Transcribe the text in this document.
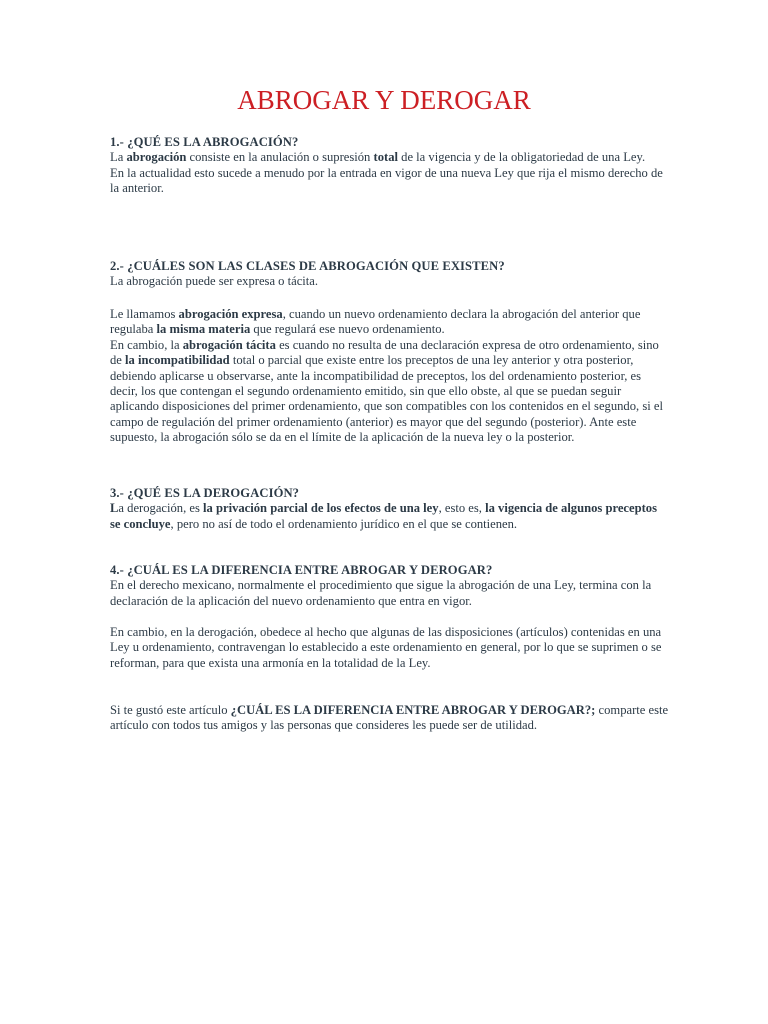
ABROGAR Y DEROGAR

1.- ¿QUÉ ES LA ABROGACIÓN?

La abrogación consiste en la anulación o supresión total de la vigencia y de la obligatoriedad de una Ley.

En la actualidad esto sucede a menudo por la entrada en vigor de una nueva Ley que rija el mismo derecho de la anterior.

2.- ¿CUÁLES SON LAS CLASES DE ABROGACIÓN QUE EXISTEN?

La abrogación puede ser expresa o tácita.

Le llamamos abrogación expresa, cuando un nuevo ordenamiento declara la abrogación del anterior que regulaba la misma materia que regulará ese nuevo ordenamiento.

En cambio, la abrogación tácita es cuando no resulta de una declaración expresa de otro ordenamiento, sino de la incompatibilidad total o parcial que existe entre los preceptos de una ley anterior y otra posterior, debiendo aplicarse u observarse, ante la incompatibilidad de preceptos, los del ordenamiento posterior, es decir, los que contengan el segundo ordenamiento emitido, sin que ello obste, al que se puedan seguir aplicando disposiciones del primer ordenamiento, que son compatibles con los contenidos en el segundo, si el campo de regulación del primer ordenamiento (anterior) es mayor que del segundo (posterior). Ante este supuesto, la abrogación sólo se da en el límite de la aplicación de la nueva ley o la posterior.

3.- ¿QUÉ ES LA DEROGACIÓN?

La derogación, es la privación parcial de los efectos de una ley, esto es, la vigencia de algunos preceptos se concluye, pero no así de todo el ordenamiento jurídico en el que se contienen.

4.- ¿CUÁL ES LA DIFERENCIA ENTRE ABROGAR Y DEROGAR?

En el derecho mexicano, normalmente el procedimiento que sigue la abrogación de una Ley, termina con la declaración de la aplicación del nuevo ordenamiento que entra en vigor.

En cambio, en la derogación, obedece al hecho que algunas de las disposiciones (artículos) contenidas en una Ley u ordenamiento, contravengan lo establecido a este ordenamiento en general, por lo que se suprimen o se reforman, para que exista una armonía en la totalidad de la Ley.

Si te gustó este artículo ¿CUÁL ES LA DIFERENCIA ENTRE ABROGAR Y DEROGAR?; comparte este artículo con todos tus amigos y las personas que consideres les puede ser de utilidad.
